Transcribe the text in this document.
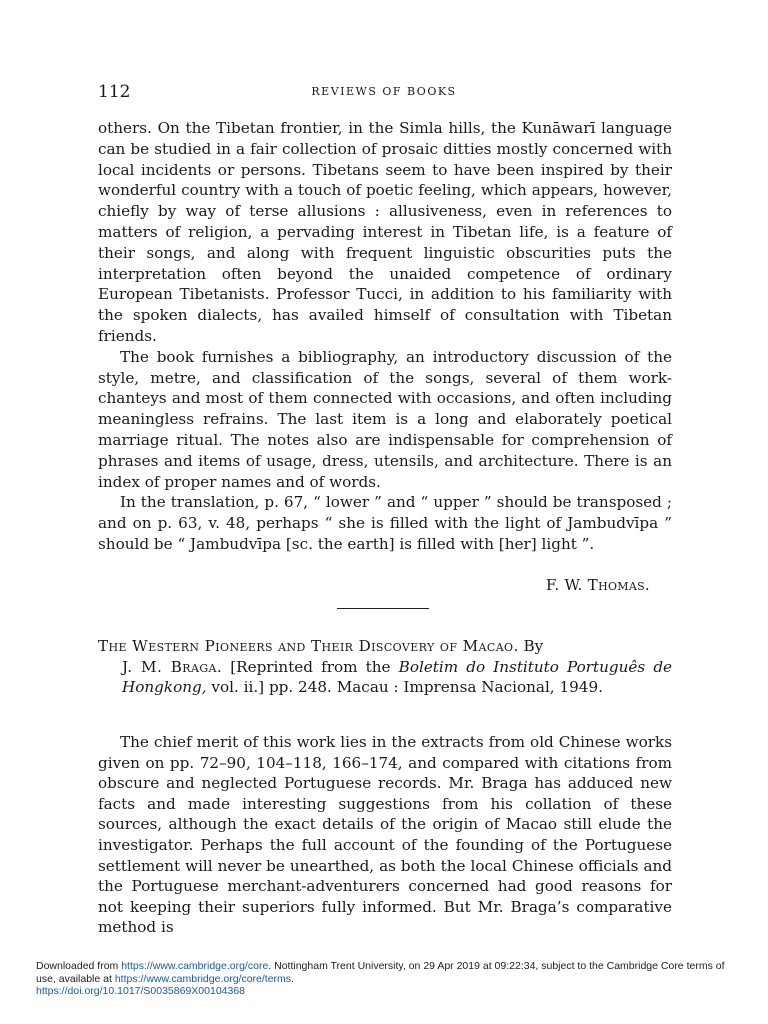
112	REVIEWS OF BOOKS

others. On the Tibetan frontier, in the Simla hills, the Kunāwarī language can be studied in a fair collection of prosaic ditties mostly concerned with local incidents or persons. Tibetans seem to have been inspired by their wonderful country with a touch of poetic feeling, which appears, however, chiefly by way of terse allusions : allusiveness, even in references to matters of religion, a pervading interest in Tibetan life, is a feature of their songs, and along with frequent linguistic obscurities puts the interpretation often beyond the unaided competence of ordinary European Tibetanists. Professor Tucci, in addition to his familiarity with the spoken dialects, has availed himself of consultation with Tibetan friends.

The book furnishes a bibliography, an introductory discussion of the style, metre, and classification of the songs, several of them work-chanteys and most of them connected with occasions, and often including meaningless refrains. The last item is a long and elaborately poetical marriage ritual. The notes also are indispensable for comprehension of phrases and items of usage, dress, utensils, and architecture. There is an index of proper names and of words.

In the translation, p. 67, “ lower ” and “ upper ” should be transposed ; and on p. 63, v. 48, perhaps “ she is filled with the light of Jambudvīpa ” should be “ Jambudvīpa [sc. the earth] is filled with [her] light ”.

F. W. Thomas.

The Western Pioneers and Their Discovery of Macao. By

J. M. Braga. [Reprinted from the Boletim do Instituto Português de Hongkong, vol. ii.] pp. 248. Macau : Imprensa Nacional, 1949.

The chief merit of this work lies in the extracts from old Chinese works given on pp. 72–90, 104–118, 166–174, and compared with citations from obscure and neglected Portuguese records. Mr. Braga has adduced new facts and made interesting suggestions from his collation of these sources, although the exact details of the origin of Macao still elude the investigator. Perhaps the full account of the founding of the Portuguese settlement will never be unearthed, as both the local Chinese officials and the Portuguese merchant-adventurers concerned had good reasons for not keeping their superiors fully informed. But Mr. Braga’s comparative method is

Downloaded from https://www.cambridge.org/core. Nottingham Trent University, on 29 Apr 2019 at 09:22:34, subject to the Cambridge Core terms of use, available at https://www.cambridge.org/core/terms.
https://doi.org/10.1017/S0035869X00104368
